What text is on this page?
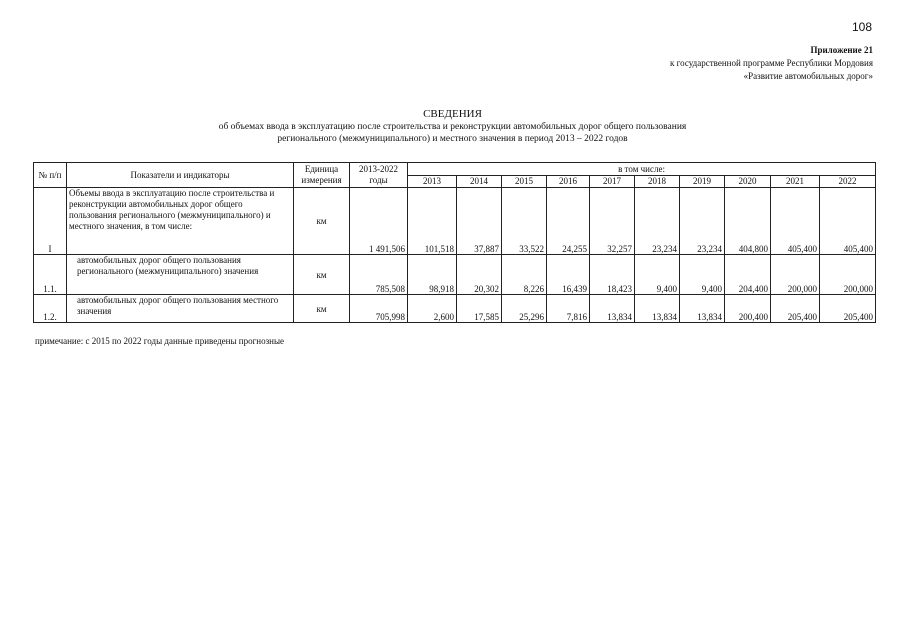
108
Приложение 21
к государственной программе Республики Мордовия
«Развитие автомобильных дорог»
СВЕДЕНИЯ
об объемах ввода в эксплуатацию после строительства и реконструкции автомобильных дорог общего пользования
регионального (межмуниципального) и местного значения в период 2013 – 2022 годов
№ п/п	Показатели и индикаторы	Единица измерения	2013-2022 годы	в том числе:									
				2013	2014	2015	2016	2017	2018	2019	2020	2021	2022
I	Объемы ввода в эксплуатацию после строительства и реконструкции автомобильных дорог общего пользования регионального (межмуниципального) и местного значения, в том числе:	км	1 491,506	101,518	37,887	33,522	24,255	32,257	23,234	23,234	404,800	405,400	405,400
1.1.	автомобильных дорог общего пользования регионального (межмуниципального) значения	км	785,508	98,918	20,302	8,226	16,439	18,423	9,400	9,400	204,400	200,000	200,000
1.2.	автомобильных дорог общего пользования местного значения	км	705,998	2,600	17,585	25,296	7,816	13,834	13,834	13,834	200,400	205,400	205,400
примечание: с 2015 по 2022 годы данные приведены прогнозные
